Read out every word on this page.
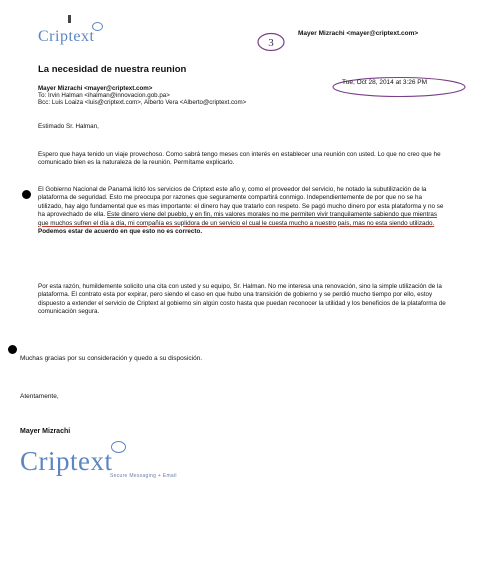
Criptext	3
Mayer Mizrachi <mayer@criptext.com>
La necesidad de nuestra reunion
Mayer Mizrachi <mayer@criptext.com>
To: Irvin Halman <ihalman@innovacion.gob.pa>
Bcc: Luis Loaiza <luis@criptext.com>, Alberto Vera <Alberto@criptext.com>
Tue, Oct 28, 2014 at 3:26 PM
Estimado Sr. Halman,
Espero que haya tenido un viaje provechoso. Como sabrá tengo meses con interés en establecer una reunión con usted. Lo que no creo que he comunicado bien es la naturaleza de la reunión. Permítame explicarlo.
El Gobierno Nacional de Panamá licitó los servicios de Criptext este año y, como el proveedor del servicio, he notado la subutilización de la plataforma de seguridad. Esto me preocupa por razones que seguramente compartirá conmigo. Independientemente de por que no se ha utilizado, hay algo fundamental que es mas importante: el dinero hay que tratarlo con respeto. Se pagó mucho dinero por esta plataforma y no se ha aprovechado de ella. Este dinero viene del pueblo, y en fin, mis valores morales no me permiten vivir tranquilamente sabiendo que mientras que muchos sufren el día a día, mi compañía es suplidora de un servicio el cual le cuesta mucho a nuestro país, mas no esta siendo utilizado. Podemos estar de acuerdo en que esto no es correcto.
Por esta razón, humildemente solicito una cita con usted y su equipo, Sr. Halman. No me interesa una renovación, sino la simple utilización de la plataforma. El contrato esta por expirar, pero siendo el caso en que hubo una transición de gobierno y se perdió mucho tiempo por ello, estoy dispuesto a extender el servicio de Criptext al gobierno sin algún costo hasta que puedan reconocer la utilidad y los beneficios de la plataforma de comunicación segura.
Muchas gracias por su consideración y quedo a su disposición.
Atentamente,
Mayer Mizrachi
Criptext
Secure Messaging + Email
